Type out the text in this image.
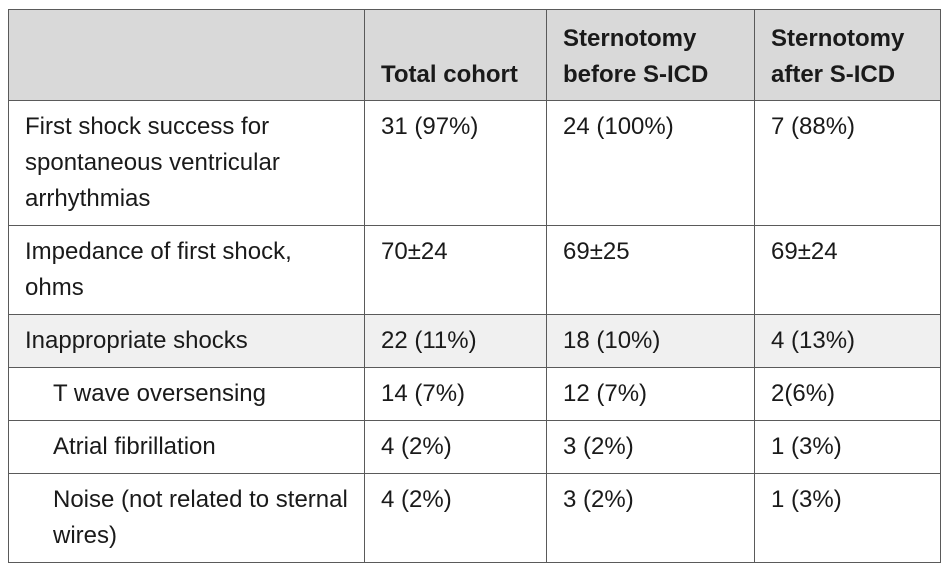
	Total cohort	Sternotomy before S-ICD	Sternotomy after S-ICD
First shock success for spontaneous ventricular arrhythmias	31 (97%)	24 (100%)	7 (88%)
Impedance of first shock, ohms	70±24	69±25	69±24
Inappropriate shocks	22 (11%)	18 (10%)	4 (13%)
T wave oversensing	14 (7%)	12 (7%)	2(6%)
Atrial fibrillation	4 (2%)	3 (2%)	1 (3%)
Noise (not related to sternal wires)	4 (2%)	3 (2%)	1 (3%)
